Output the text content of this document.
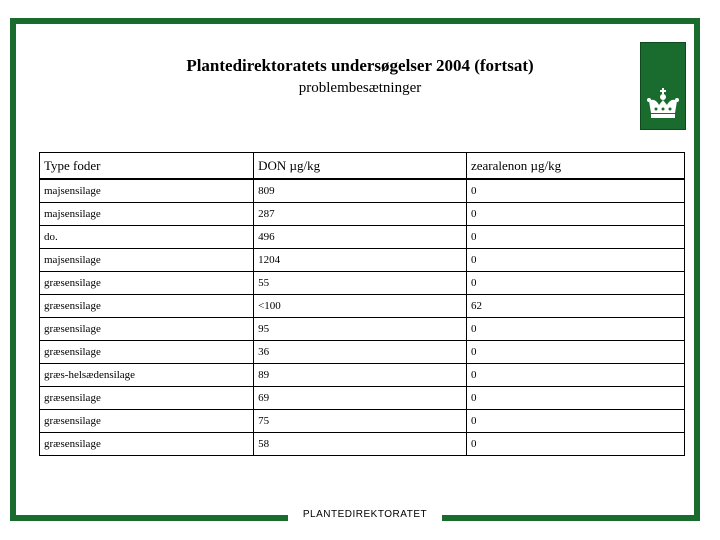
Plantedirektoratets undersøgelser 2004 (fortsat)
problembesætninger
Type foder	DON µg/kg	zearalenon µg/kg
majsensilage	809	0
majsensilage	287	0
do.	496	0
majsensilage	1204	0
græsensilage	55	0
græsensilage	<100	62
græsensilage	95	0
græsensilage	36	0
græs-helsædensilage	89	0
græsensilage	69	0
græsensilage	75	0
græsensilage	58	0
PLANTEDIREKTORATET
